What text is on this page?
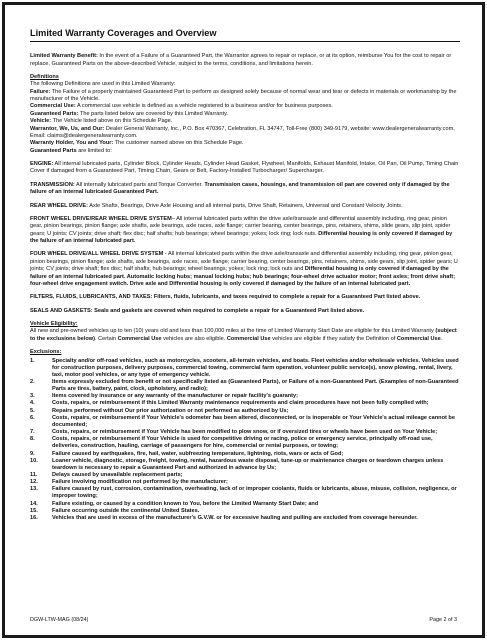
Limited Warranty Coverages and Overview
Limited Warranty Benefit: In the event of a Failure of a Guaranteed Part, the Warrantor agrees to repair or replace, or at its option, reimburse You for the cost to repair or replace, Guaranteed Parts on the above-described Vehicle, subject to the terms, conditions, and limitations herein.
Definitions
The following Definitions are used in this Limited Warranty:
Failure: The Failure of a properly maintained Guaranteed Part to perform as designed solely because of normal wear and tear or defects in materials or workmanship by the manufacturer of the Vehicle.
Commercial Use: A commercial use vehicle is defined as a vehicle registered to a business and/or for business purposes.
Guaranteed Parts: The parts listed below are covered by this Limited Warranty.
Vehicle: The Vehicle listed above on this Schedule Page.
Warrantor, We, Us, and Our: Dealer General Warranty, Inc., P.O. Box 470367, Celebration, FL 34747, Toll-Free (800) 349-9179, website: www.dealergeneralwarranty.com, Email: claims@dealergeneralwarranty.com.
Warranty Holder, You and Your: The customer named above on this Schedule Page.
Guaranteed Parts are limited to:
ENGINE: All internal lubricated parts, Cylinder Block, Cylinder Heads, Cylinder Head Gasket, Flywheel, Manifolds, Exhaust Manifold, Intake, Oil Pan, Oil Pump, Timing Chain Cover if damaged from a Guaranteed Part, Timing Chain, Gears or Belt, Factory-Installed Turbocharger/ Supercharger.
TRANSMISSION: All internally lubricated parts and Torque Converter. Transmission cases, housings, and transmission oil pan are covered only if damaged by the failure of an internal lubricated Guaranteed Part.
REAR WHEEL DRIVE: Axle Shafts, Bearings, Drive Axle Housing and all internal parts, Drive Shaft, Retainers, Universal and Constant Velocity Joints.
FRONT WHEEL DRIVE/REAR WHEEL DRIVE SYSTEM– All internal lubricated parts within the drive axle/transaxle and differential assembly including, ring gear, pinion gear, pinion bearings, pinion flange; axle shafts, axle bearings, axle races, axle flange; carrier bearing, center bearings, pins, retainers, shims, slide gears, slip joint, spider gears; U joints; CV joints; drive shaft; flex disc; half shafts; hub bearings; wheel bearings; yokes; lock ring; lock nuts. Differential housing is only covered if damaged by the failure of an internal lubricated part.
FOUR WHEEL DRIVE/ALL WHEEL DRIVE SYSTEM - All internal lubricated parts within the drive axle/transaxle and differential assembly including, ring gear, pinion gear, pinion bearings, pinion flange; axle shafts, axle bearings, axle races, axle flange; carrier bearing, center bearings, pins, retainers, shims, side gears, slip joint, spider gears; U joints; CV joints; drive shaft; flex disc; half shafts; hub bearings; wheel bearings; yokes; lock ring; lock nuts and Differential housing is only covered if damaged by the failure of an internal lubricated part. Automatic locking hubs; manual locking hubs; hub bearings; four-wheel drive actuator motor; front axles; front drive shaft; four-wheel drive engagement switch. Drive axle and Differential housing is only covered if damaged by the failure of an internal lubricated part.
FILTERS, FLUIDS, LUBRICANTS, AND TAXES: Filters, fluids, lubricants, and taxes required to complete a repair for a Guaranteed Part listed above.
SEALS AND GASKETS: Seals and gaskets are covered when required to complete a repair for a Guaranteed Part listed above.
Vehicle Eligibility:
All new and pre-owned vehicles up to ten (10) years old and less than 100,000 miles at the time of Limited Warranty Start Date are eligible for this Limited Warranty (subject to the exclusions below). Certain Commercial Use vehicles are also eligible. Commercial Use vehicles are eligible if they satisfy the Definition of Commercial Use.
Exclusions:
1.	Specialty and/or off-road vehicles, such as motorcycles, scooters, all-terrain vehicles, and boats. Fleet vehicles and/or wholesale vehicles. Vehicles used for construction purposes, delivery purposes, commercial towing, commercial farm operation, volunteer public service(s), snow plowing, rental, livery, taxi, motor pool vehicles, or any type of emergency vehicle.
2.	Items expressly excluded from benefit or not specifically listed as (Guaranteed Parts), or Failure of a non-Guaranteed Part. (Examples of non-Guaranteed Parts are tires, battery, paint, clock, upholstery, and radio);
3.	Items covered by insurance or any warranty of the manufacturer or repair facility's guaranty;
4.	Costs, repairs, or reimbursement if this Limited Warranty maintenance requirements and claim procedures have not been fully complied with;
5.	Repairs performed without Our prior authorization or not performed as authorized by Us;
6.	Costs, repairs, or reimbursement if Your Vehicle's odometer has been altered, disconnected, or is inoperable or Your Vehicle's actual mileage cannot be documented;
7.	Costs, repairs, or reimbursement if Your Vehicle has been modified to plow snow, or if oversized tires or wheels have been used on Your Vehicle;
8.	Costs, repairs, or reimbursement if Your Vehicle is used for competitive driving or racing, police or emergency service, principally off-road use, deliveries, construction, hauling, carriage of passengers for hire, commercial or rental purposes, or towing;
9.	Failure caused by earthquakes, fire, hail, water, subfreezing temperature, lightning, riots, wars or acts of God;
10.	Loaner vehicle, diagnostic, storage, freight, towing, rental, hazardous waste disposal, tune-up or maintenance charges or teardown charges unless teardown is necessary to repair a Guaranteed Part and authorized in advance by Us;
11.	Delays caused by unavailable replacement parts;
12.	Failure involving modification not performed by the manufacturer;
13.	Failure caused by rust, corrosion, contamination, overheating, lack of or improper coolants, fluids or lubricants, abuse, misuse, collision, negligence, or improper towing;
14.	Failure existing, or caused by a condition known to You, before the Limited Warranty Start Date; and
15.	Failure occurring outside the continental United States.
16.	Vehicles that are used in excess of the manufacturer's G.V.W. or for excessive hauling and pulling are excluded from coverage hereunder.
DGW-LTW-MAG (08/24)	Page 2 of 3
